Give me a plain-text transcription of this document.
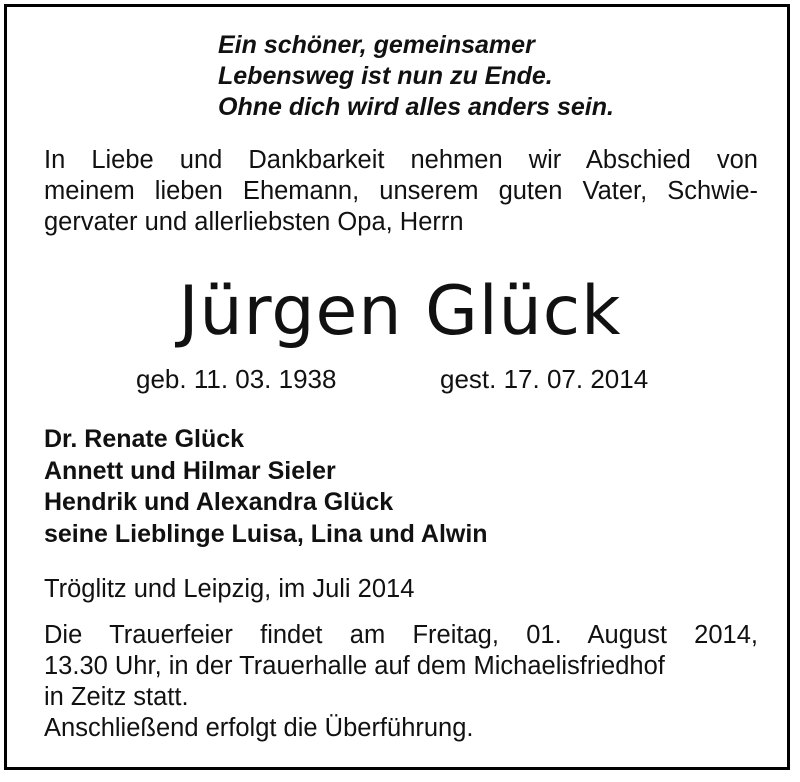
Ein schöner, gemeinsamer
Lebensweg ist nun zu Ende.
Ohne dich wird alles anders sein.
In Liebe und Dankbarkeit nehmen wir Abschied von
meinem lieben Ehemann, unserem guten Vater, Schwie-
gervater und allerliebsten Opa, Herrn
Jürgen Glück
geb. 11. 03. 1938	gest. 17. 07. 2014
Dr. Renate Glück
Annett und Hilmar Sieler
Hendrik und Alexandra Glück
seine Lieblinge Luisa, Lina und Alwin
Tröglitz und Leipzig, im Juli 2014
Die Trauerfeier findet am Freitag, 01. August 2014,
13.30 Uhr, in der Trauerhalle auf dem Michaelisfriedhof
in Zeitz statt.
Anschließend erfolgt die Überführung.
